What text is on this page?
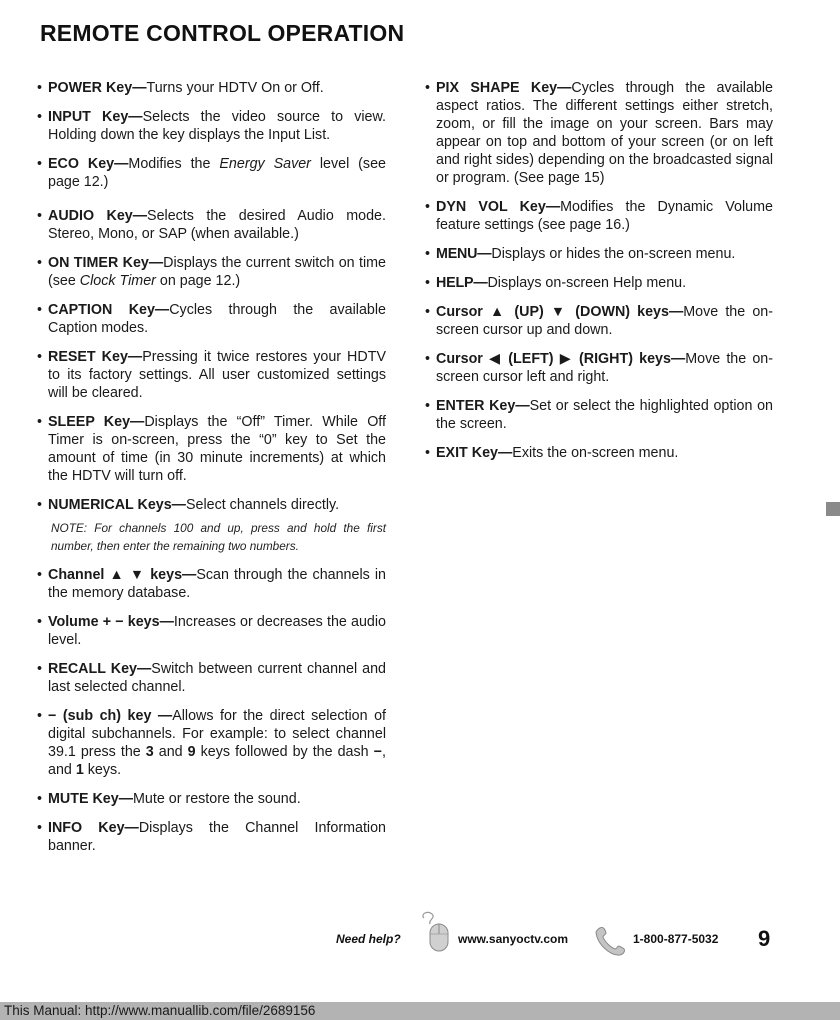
REMOTE CONTROL OPERATION
• POWER Key—Turns your HDTV On or Off.
• INPUT Key—Selects the video source to view. Holding down the key displays the Input List.
• ECO Key—Modifies the Energy Saver level (see page 12.)
• AUDIO Key—Selects the desired Audio mode. Stereo, Mono, or SAP (when available.)
• ON TIMER Key—Displays the current switch on time (see Clock Timer on page 12.)
• CAPTION Key—Cycles through the available Caption modes.
• RESET Key—Pressing it twice restores your HDTV to its factory settings. All user customized settings will be cleared.
• SLEEP Key—Displays the “Off” Timer. While Off Timer is on-screen, press the “0” key to Set the amount of time (in 30 minute increments) at which the HDTV will turn off.
• NUMERICAL Keys—Select channels directly.
NOTE: For channels 100 and up, press and hold the first number, then enter the remaining two numbers.
• Channel ▲ ▼ keys—Scan through the channels in the memory database.
• Volume + − keys—Increases or decreases the audio level.
• RECALL Key—Switch between current channel and last selected channel.
• − (sub ch) key —Allows for the direct selection of digital subchannels. For example: to select channel 39.1 press the 3 and 9 keys followed by the dash −, and 1 keys.
• MUTE Key—Mute or restore the sound.
• INFO Key—Displays the Channel Information banner.
• PIX SHAPE Key—Cycles through the available aspect ratios. The different settings either stretch, zoom, or fill the image on your screen. Bars may appear on top and bottom of your screen (or on left and right sides) depending on the broadcasted signal or program. (See page 15)
• DYN VOL Key—Modifies the Dynamic Volume feature settings (see page 16.)
• MENU—Displays or hides the on-screen menu.
• HELP—Displays on-screen Help menu.
• Cursor ▲ (UP) ▼ (DOWN) keys—Move the on-screen cursor up and down.
• Cursor ◀ (LEFT) ▶ (RIGHT) keys—Move the on-screen cursor left and right.
• ENTER Key—Set or select the highlighted option on the screen.
• EXIT Key—Exits the on-screen menu.
Need help?	www.sanyoctv.com	1-800-877-5032 9
This Manual: http://www.manuallib.com/file/2689156
